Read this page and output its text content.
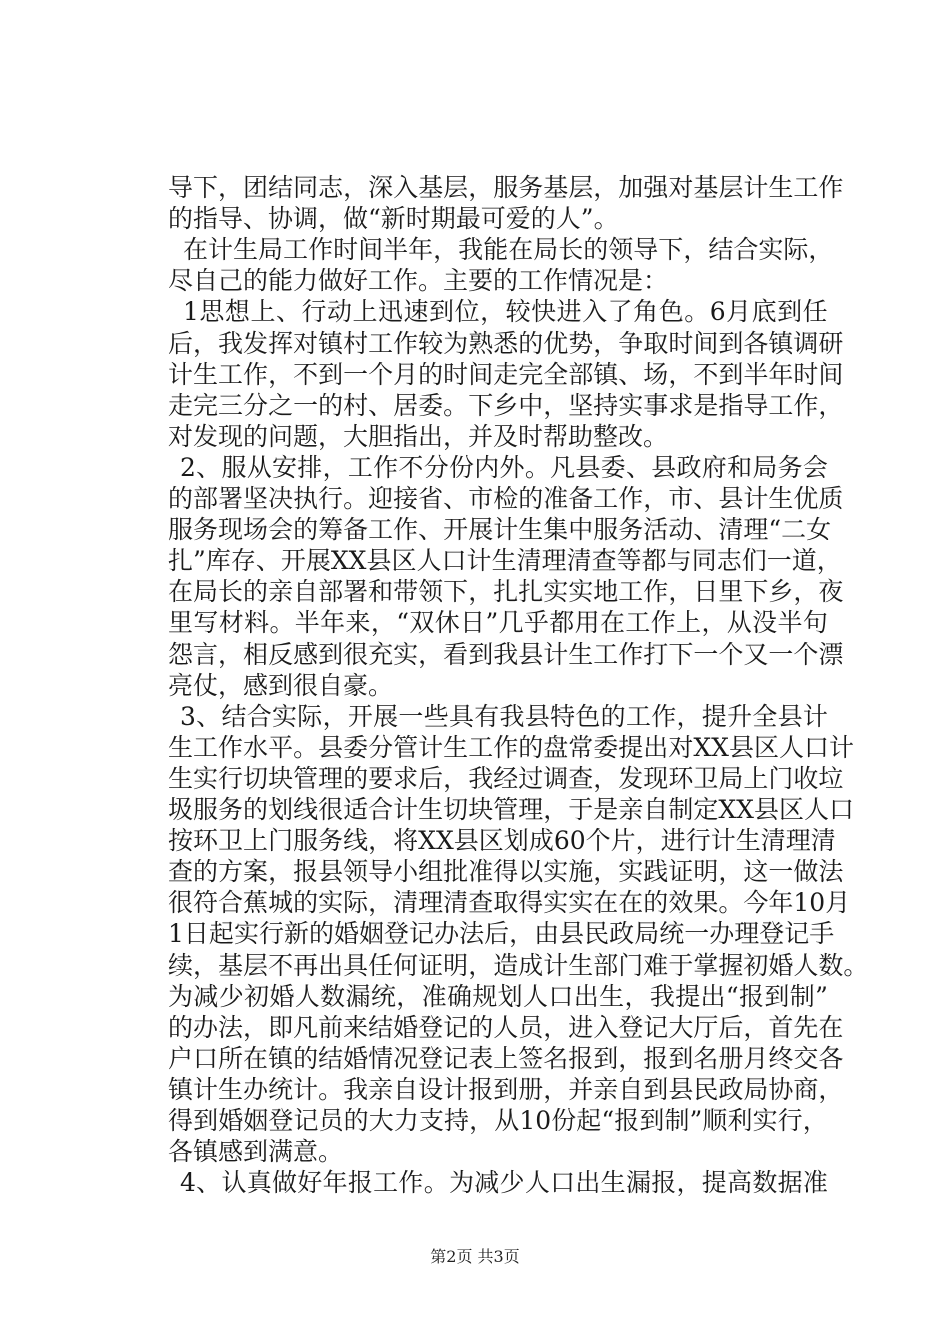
导 下 ， 团 结 同 志 ， 深 入 基 层 ， 服 务 基 层 ， 加 强 对 基 层 计 生 工 作
的指导、协调，做“新时期最可爱的人”。
在 计 生 局 工 作 时 间 半 年 ， 我 能 在 局 长 的 领 导 下 ， 结 合 实 际 ，
尽自己的能力做好工作。主要的工作情况是：
1 思 想 上 、 行 动 上 迅 速 到 位 ， 较 快 进 入 了 角 色 。 6 月 底 到 任
后 ， 我 发 挥 对 镇 村 工 作 较 为 熟 悉 的 优 势 ， 争 取 时 间 到 各 镇 调 研
计 生 工 作 ， 不 到 一 个 月 的 时 间 走 完 全 部 镇 、 场 ， 不 到 半 年 时 间
走 完 三 分 之 一 的 村 、 居 委 。 下 乡 中 ， 坚 持 实 事 求 是 指 导 工 作 ，
对发现的问题，大胆指出，并及时帮助整改。
2 、 服 从 安 排 ， 工 作 不 分 份 内 外 。 凡 县 委 、 县 政 府 和 局 务 会
的 部 署 坚 决 执 行 。 迎 接 省 、 市 检 的 准 备 工 作 ， 市 、 县 计 生 优 质
服 务 现 场 会 的 筹 备 工 作 、 开 展 计 生 集 中 服 务 活 动 、 清 理 “ 二 女
扎 ” 库 存 、 开 展 XX 县 区 人 口 计 生 清 理 清 查 等 都 与 同 志 们 一 道 ，
在 局 长 的 亲 自 部 署 和 带 领 下 ， 扎 扎 实 实 地 工 作 ， 日 里 下 乡 ， 夜
里 写 材 料 。 半 年 来 ， “ 双 休 日 ” 几 乎 都 用 在 工 作 上 ， 从 没 半 句
怨 言 ， 相 反 感 到 很 充 实 ， 看 到 我 县 计 生 工 作 打 下 一 个 又 一 个 漂
亮仗，感到很自豪。
3 、 结 合 实 际 ， 开 展 一 些 具 有 我 县 特 色 的 工 作 ， 提 升 全 县 计
生 工 作 水 平 。 县 委 分 管 计 生 工 作 的 盘 常 委 提 出 对 XX 县 区 人 口 计
生 实 行 切 块 管 理 的 要 求 后 ， 我 经 过 调 查 ， 发 现 环 卫 局 上 门 收 垃
圾 服 务 的 划 线 很 适 合 计 生 切 块 管 理 ， 于 是 亲 自 制 定 XX 县 区 人 口
按 环 卫 上 门 服 务 线 ， 将 XX 县 区 划 成 60 个 片 ， 进 行 计 生 清 理 清
查 的 方 案 ， 报 县 领 导 小 组 批 准 得 以 实 施 ， 实 践 证 明 ， 这 一 做 法
很 符 合 蕉 城 的 实 际 ， 清 理 清 查 取 得 实 实 在 在 的 效 果 。 今 年 10 月
1 日 起 实 行 新 的 婚 姻 登 记 办 法 后 ， 由 县 民 政 局 统 一 办 理 登 记 手
续 ， 基 层 不 再 出 具 任 何 证 明 ， 造 成 计 生 部 门 难 于 掌 握 初 婚 人 数 。
为 减 少 初 婚 人 数 漏 统 ， 准 确 规 划 人 口 出 生 ， 我 提 出 “ 报 到 制 ”
的 办 法 ， 即 凡 前 来 结 婚 登 记 的 人 员 ， 进 入 登 记 大 厅 后 ， 首 先 在
户 口 所 在 镇 的 结 婚 情 况 登 记 表 上 签 名 报 到 ， 报 到 名 册 月 终 交 各
镇 计 生 办 统 计 。 我 亲 自 设 计 报 到 册 ， 并 亲 自 到 县 民 政 局 协 商 ，
得 到 婚 姻 登 记 员 的 大 力 支 持 ， 从 10 份 起 “ 报 到 制 ” 顺 利 实 行 ，
各镇感到满意。
4 、 认 真 做 好 年 报 工 作 。 为 减 少 人 口 出 生 漏 报 ， 提 高 数 据 准
第2页 共3页
